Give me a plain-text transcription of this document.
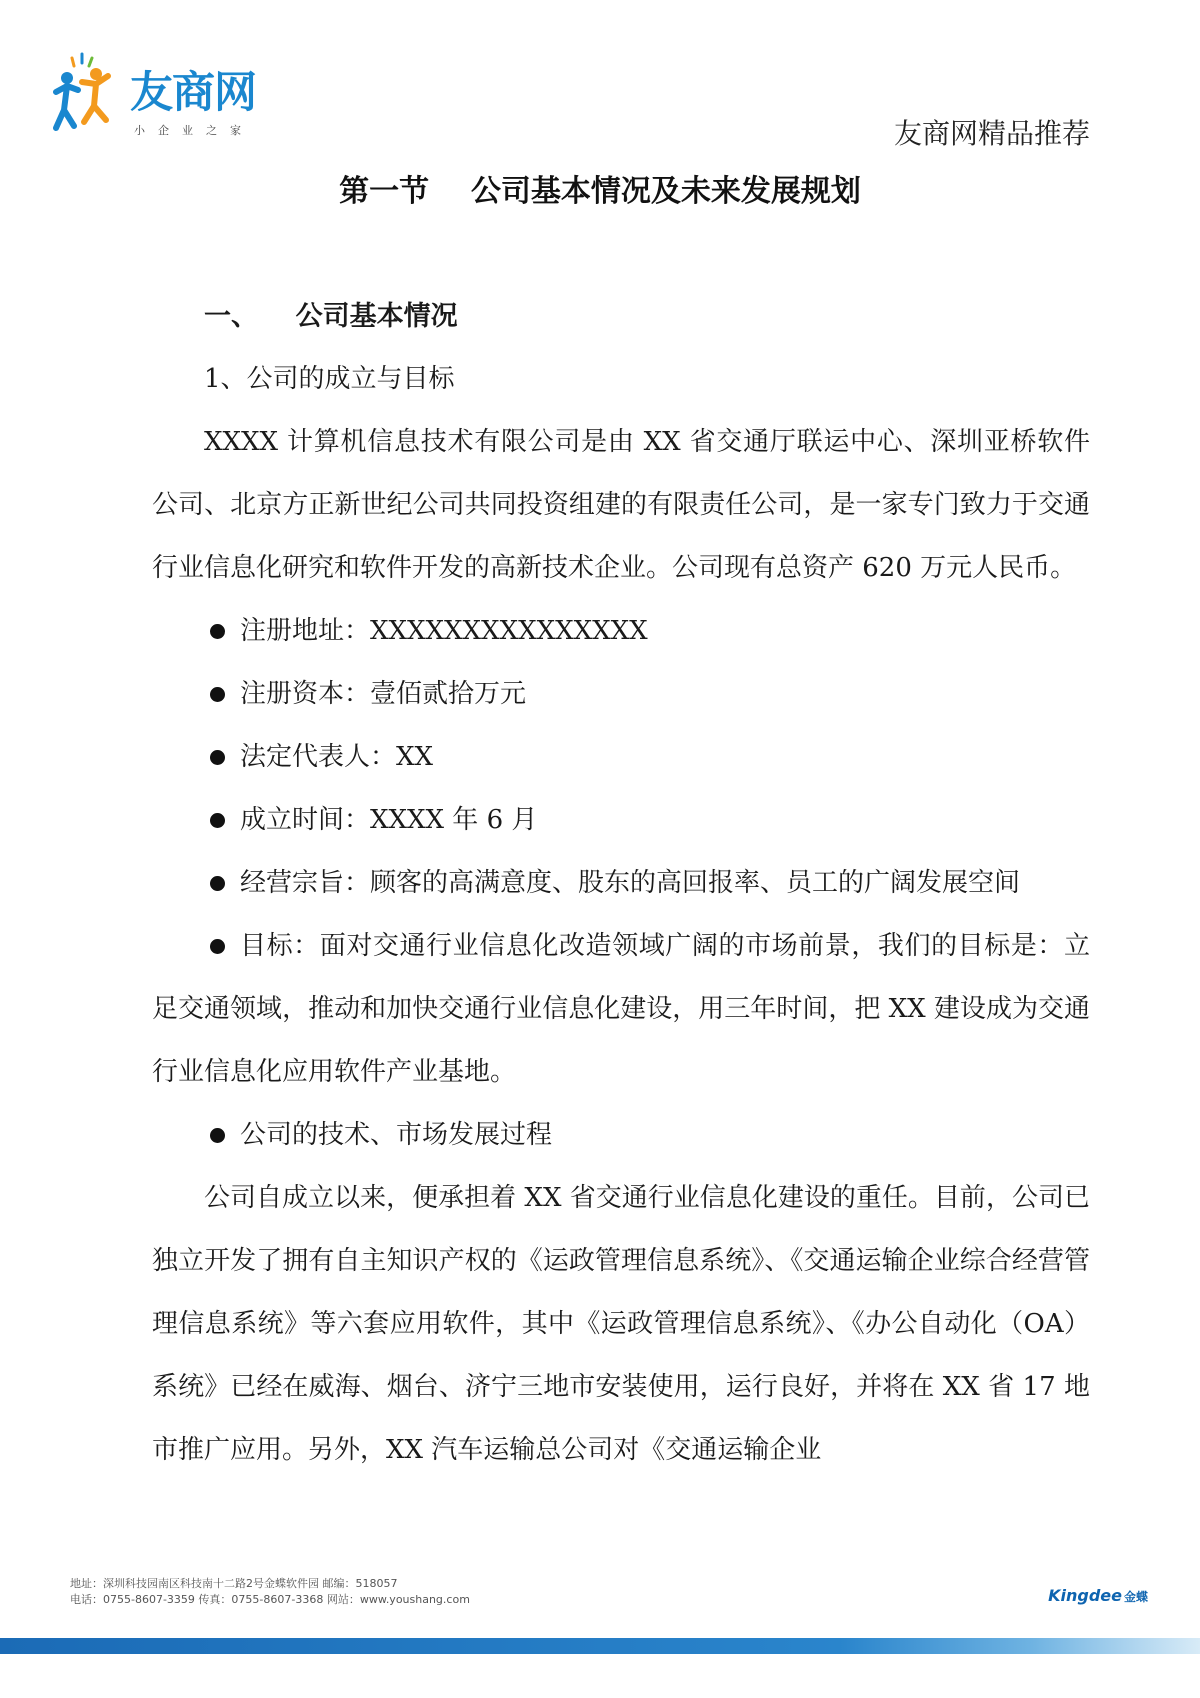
友商网
小企业之家	友商网精品推荐
第一节    公司基本情况及未来发展规划
一、    公司基本情况
1、公司的成立与目标

XXXX 计算机信息技术有限公司是由 XX 省交通厅联运中心、深圳亚桥软件公司、北京方正新世纪公司共同投资组建的有限责任公司，是一家专门致力于交通行业信息化研究和软件开发的高新技术企业。公司现有总资产 620 万元人民币。

注册地址：XXXXXXXXXXXXXXX

注册资本：壹佰贰拾万元

法定代表人：XX

成立时间：XXXX 年 6 月

经营宗旨：顾客的高满意度、股东的高回报率、员工的广阔发展空间

目标：面对交通行业信息化改造领域广阔的市场前景，我们的目标是：立足交通领域，推动和加快交通行业信息化建设，用三年时间，把 XX 建设成为交通行业信息化应用软件产业基地。

公司的技术、市场发展过程

公司自成立以来，便承担着 XX 省交通行业信息化建设的重任。目前，公司已独立开发了拥有自主知识产权的《运政管理信息系统》、《交通运输企业综合经营管理信息系统》等六套应用软件，其中《运政管理信息系统》、《办公自动化（OA）系统》已经在威海、烟台、济宁三地市安装使用，运行良好，并将在 XX 省 17 地市推广应用。另外，XX 汽车运输总公司对《交通运输企业

地址：深圳科技园南区科技南十二路2号金蝶软件园 邮编：518057
电话：0755-8607-3359 传真：0755-8607-3368 网站：www.youshang.com	Kingdee 金蝶
